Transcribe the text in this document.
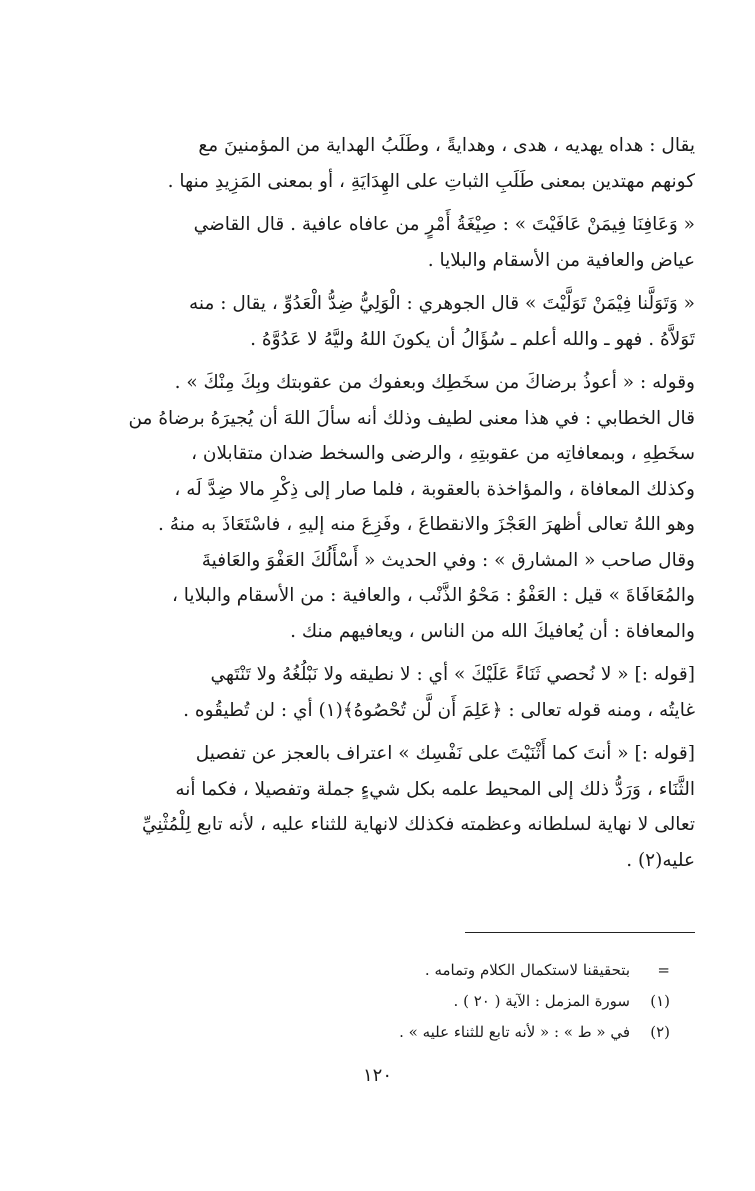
يقال : هداه يهديه ، هدى ، وهدايةً ، وطَلَبُ الهداية من المؤمنينَ مع
كونهم مهتدين بمعنى طَلَبِ الثباتِ على الهِدَايَةِ ، أو بمعنى المَزِيدِ منها .

« وَعَافِنَا فِيمَنْ عَافَيْتَ » : صِيْغَةُ أَمْرٍ من عافاه عافية . قال القاضي
عياض والعافية من الأسقام والبلايا .

« وَتَوَلَّنا فِيْمَنْ تَوَلَّيْتَ » قال الجوهري : الْوَلِيُّ ضِدُّ الْعَدُوِّ ، يقال : منه
تَوَلاَّهُ . فهو ـ والله أعلم ـ سُؤَالُ أن يكونَ اللهُ وليَّهُ لا عَدُوَّهُ .

وقوله : « أعوذُ برضاكَ من سخَطِك وبعفوك من عقوبتك وبِكَ مِنْكَ » .
قال الخطابي : في هذا معنى لطيف وذلك أنه سألَ اللهَ أن يُجيرَهُ برضاهُ من
سخَطِهِ ، وبمعافاتِه من عقوبتِهِ ، والرضى والسخط ضدان متقابلان ،
وكذلك المعافاة ، والمؤاخذة بالعقوبة ، فلما صار إلى ذِكْرِ مالا ضِدَّ لَه ،
وهو اللهُ تعالى أظهرَ العَجْزَ والانقطاعَ ، وفَزِعَ منه إليهِ ، فاسْتَعَاذَ به منهُ .
وقال صاحب « المشارق » : وفي الحديث « أَسْأَلُكَ العَفْوَ والعَافيةَ
والمُعَافَاةَ » قيل : العَفْوُ : مَحْوُ الذَّنْب ، والعافية : من الأسقام والبلايا ،
والمعافاة : أن يُعافيكَ الله من الناس ، ويعافيهم منك .

[قوله :] « لا نُحصي ثَنَاءً عَلَيْكَ » أي : لا نطيقه ولا نَبْلُغُهُ ولا تَنْتَهي
غايتُه ، ومنه قوله تعالى : ﴿عَلِمَ أَن لَّن تُحْصُوهُ﴾(١) أي : لن تُطيقُوه .

[قوله :] « أنتَ كما أَثْنَيْتَ على نَفْسِك » اعتراف بالعجز عن تفصيل
الثَّنَاء ، وَرَدُّ ذلك إلى المحيط علمه بكل شيءٍ جملة وتفصيلا ، فكما أنه
تعالى لا نهاية لسلطانه وعظمته فكذلك لانهاية للثناء عليه ، لأنه تابع لِلْمُثْنِيِّ
عليه(٢) .

=
بتحقيقنا لاستكمال الكلام وتمامه .
(١)
سورة المزمل : الآية ( ٢٠ ) .
(٢)
في « ط » : « لأنه تابع للثناء عليه » .
١٢٠
